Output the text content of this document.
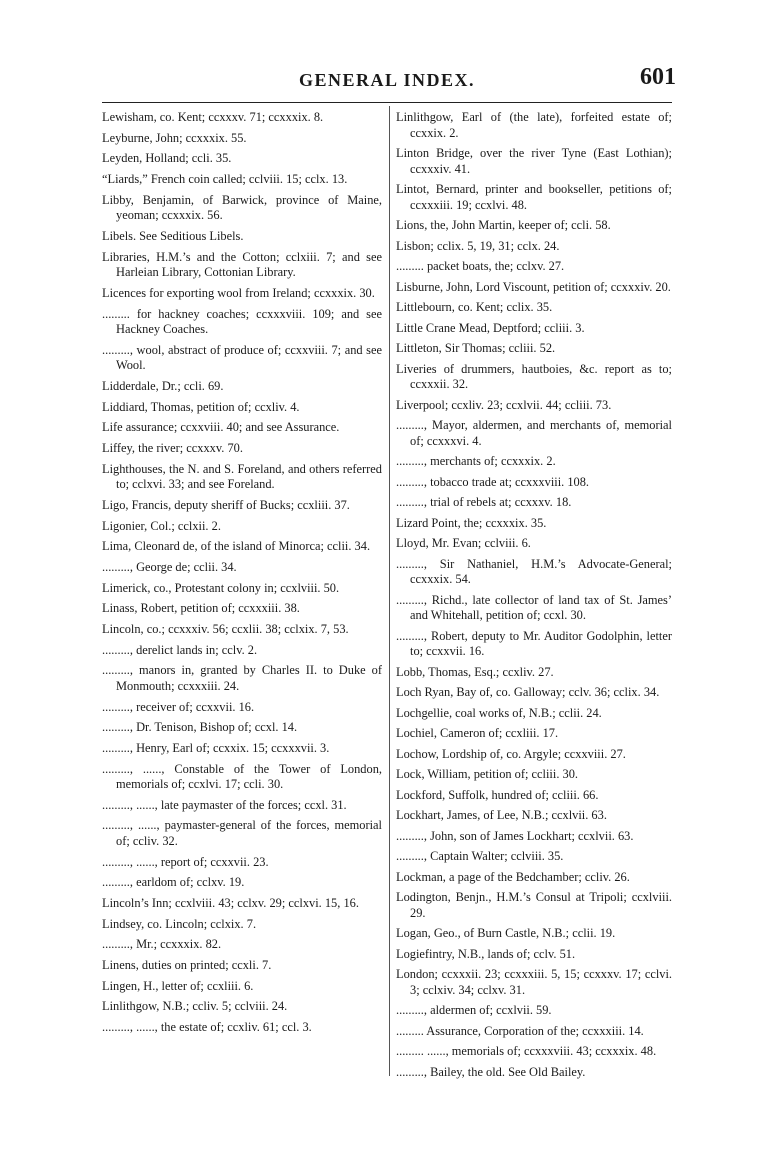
GENERAL INDEX.	601
Lewisham, co. Kent; ccxxxv. 71; ccxxxix. 8.
Leyburne, John; ccxxxix. 55.
Leyden, Holland; ccli. 35.
“Liards,” French coin called; cclviii. 15; cclx. 13.
Libby, Benjamin, of Barwick, province of Maine, yeoman; ccxxxix. 56.
Libels. See Seditious Libels.
Libraries, H.M.’s and the Cotton; cclxiii. 7; and see Harleian Library, Cottonian Library.
Licences for exporting wool from Ireland; ccxxxix. 30.
......... for hackney coaches; ccxxxviii. 109; and see Hackney Coaches.
........., wool, abstract of produce of; ccxxviii. 7; and see Wool.
Lidderdale, Dr.; ccli. 69.
Liddiard, Thomas, petition of; ccxliv. 4.
Life assurance; ccxxviii. 40; and see Assurance.
Liffey, the river; ccxxxv. 70.
Lighthouses, the N. and S. Foreland, and others referred to; cclxvi. 33; and see Foreland.
Ligo, Francis, deputy sheriff of Bucks; ccxliii. 37.
Ligonier, Col.; cclxii. 2.
Lima, Cleonard de, of the island of Minorca; cclii. 34.
........., George de; cclii. 34.
Limerick, co., Protestant colony in; ccxlviii. 50.
Linass, Robert, petition of; ccxxxiii. 38.
Lincoln, co.; ccxxxiv. 56; ccxlii. 38; cclxix. 7, 53.
........., derelict lands in; cclv. 2.
........., manors in, granted by Charles II. to Duke of Monmouth; ccxxxiii. 24.
........., receiver of; ccxxvii. 16.
........., Dr. Tenison, Bishop of; ccxl. 14.
........., Henry, Earl of; ccxxix. 15; ccxxxvii. 3.
........., ......, Constable of the Tower of London, memorials of; ccxlvi. 17; ccli. 30.
........., ......, late paymaster of the forces; ccxl. 31.
........., ......, paymaster-general of the forces, memorial of; ccliv. 32.
........., ......, report of; ccxxvii. 23.
........., earldom of; cclxv. 19.
Lincoln’s Inn; ccxlviii. 43; cclxv. 29; cclxvi. 15, 16.
Lindsey, co. Lincoln; cclxix. 7.
........., Mr.; ccxxxix. 82.
Linens, duties on printed; ccxli. 7.
Lingen, H., letter of; ccxliii. 6.
Linlithgow, N.B.; ccliv. 5; cclviii. 24.
........., ......, the estate of; ccxliv. 61; ccl. 3.
Linlithgow, Earl of (the late), forfeited estate of; ccxxix. 2.
Linton Bridge, over the river Tyne (East Lothian); ccxxxiv. 41.
Lintot, Bernard, printer and bookseller, petitions of; ccxxxiii. 19; ccxlvi. 48.
Lions, the, John Martin, keeper of; ccli. 58.
Lisbon; cclix. 5, 19, 31; cclx. 24.
......... packet boats, the; cclxv. 27.
Lisburne, John, Lord Viscount, petition of; ccxxxiv. 20.
Littlebourn, co. Kent; cclix. 35.
Little Crane Mead, Deptford; ccliii. 3.
Littleton, Sir Thomas; ccliii. 52.
Liveries of drummers, hautboies, &c. report as to; ccxxxii. 32.
Liverpool; ccxliv. 23; ccxlvii. 44; ccliii. 73.
........., Mayor, aldermen, and merchants of, memorial of; ccxxxvi. 4.
........., merchants of; ccxxxix. 2.
........., tobacco trade at; ccxxxviii. 108.
........., trial of rebels at; ccxxxv. 18.
Lizard Point, the; ccxxxix. 35.
Lloyd, Mr. Evan; cclviii. 6.
........., Sir Nathaniel, H.M.’s Advocate-General; ccxxxix. 54.
........., Richd., late collector of land tax of St. James’ and Whitehall, petition of; ccxl. 30.
........., Robert, deputy to Mr. Auditor Godolphin, letter to; ccxxvii. 16.
Lobb, Thomas, Esq.; ccxliv. 27.
Loch Ryan, Bay of, co. Galloway; cclv. 36; cclix. 34.
Lochgellie, coal works of, N.B.; cclii. 24.
Lochiel, Cameron of; ccxliii. 17.
Lochow, Lordship of, co. Argyle; ccxxviii. 27.
Lock, William, petition of; ccliii. 30.
Lockford, Suffolk, hundred of; ccliii. 66.
Lockhart, James, of Lee, N.B.; ccxlvii. 63.
........., John, son of James Lockhart; ccxlvii. 63.
........., Captain Walter; cclviii. 35.
Lockman, a page of the Bedchamber; ccliv. 26.
Lodington, Benjn., H.M.’s Consul at Tripoli; ccxlviii. 29.
Logan, Geo., of Burn Castle, N.B.; cclii. 19.
Logiefintry, N.B., lands of; cclv. 51.
London; ccxxxii. 23; ccxxxiii. 5, 15; ccxxxv. 17; cclvi. 3; cclxiv. 34; cclxv. 31.
........., aldermen of; ccxlvii. 59.
......... Assurance, Corporation of the; ccxxxiii. 14.
......... ......, memorials of; ccxxxviii. 43; ccxxxix. 48.
........., Bailey, the old. See Old Bailey.
